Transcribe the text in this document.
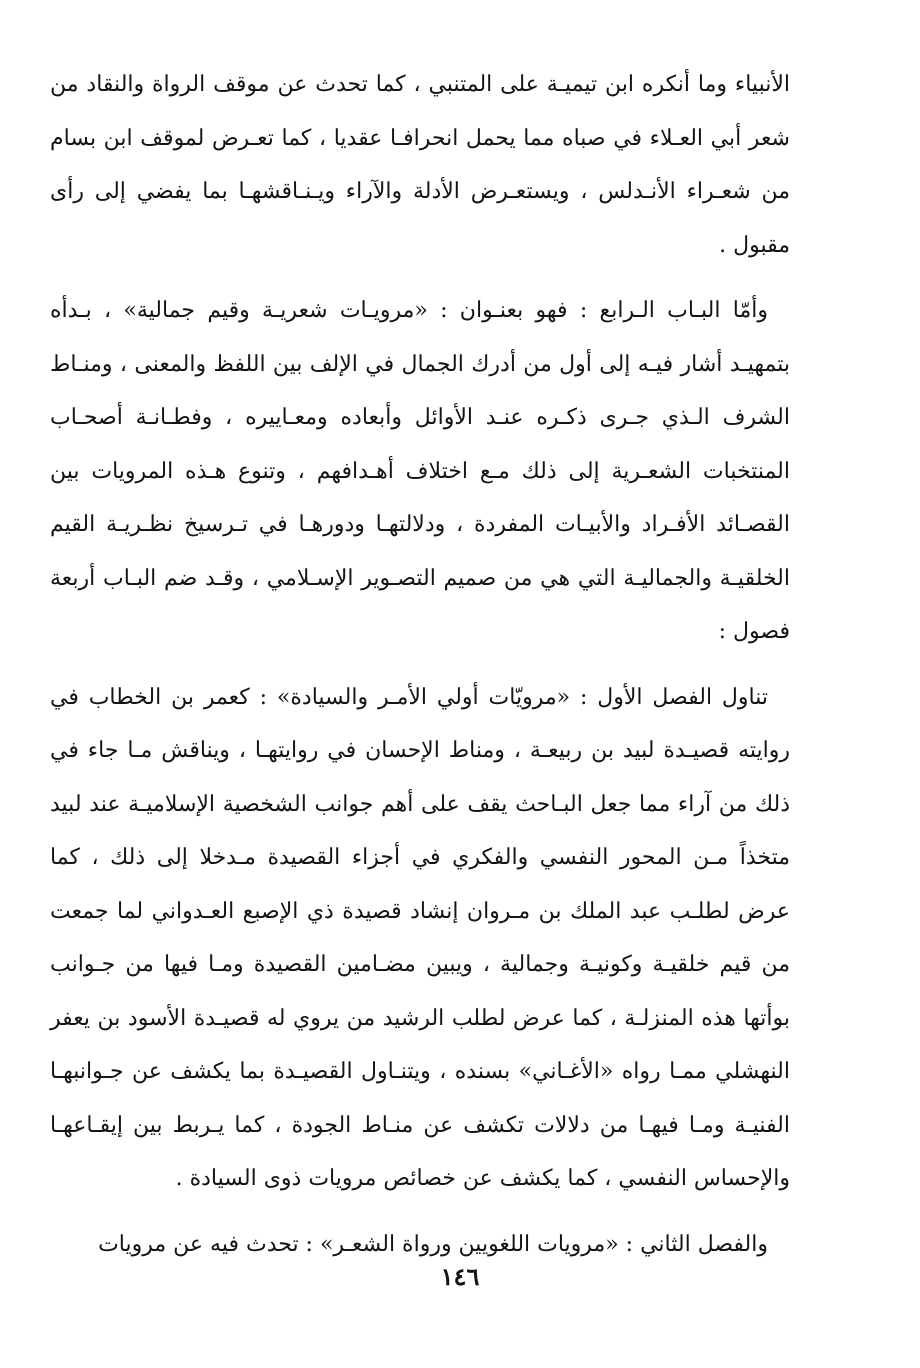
الأنبياء وما أنكره ابن تيميـة على المتنبي ، كما تحدث عن موقف الرواة والنقاد من شعر أبي العـلاء في صباه مما يحمل انحرافـا عقديا ، كما تعـرض لموقف ابن بسام من شعـراء الأنـدلس ، ويستعـرض الأدلة والآراء ويـنـاقشهـا بما يفضي إلى رأى مقبول .

وأمّا البـاب الـرابع : فهو بعنـوان : «مرويـات شعريـة وقيم جمالية» ، بـدأه بتمهيـد أشار فيـه إلى أول من أدرك الجمال في الإلف بين اللفظ والمعنى ، ومنـاط الشرف الـذي جـرى ذكـره عنـد الأوائل وأبعاده ومعـاييره ، وفطـانـة أصحـاب المنتخبات الشعـرية إلى ذلك مـع اختلاف أهـدافهم ، وتنوع هـذه المرويات بين القصـائد الأفـراد والأبيـات المفردة ، ودلالتهـا ودورهـا في تـرسيخ نظـريـة القيم الخلقيـة والجماليـة التي هي من صميم التصـوير الإسـلامي ، وقـد ضم البـاب أربعة فصول :

تناول الفصل الأول : «مرويّات أولي الأمـر والسيادة» : كعمر بن الخطاب في روايته قصيـدة لبيد بن ربيعـة ، ومناط الإحسان في روايتهـا ، ويناقش مـا جاء في ذلك من آراء مما جعل البـاحث يقف على أهم جوانب الشخصية الإسلاميـة عند لبيد متخذاً مـن المحور النفسي والفكري في أجزاء القصيدة مـدخلا إلى ذلك ، كما عرض لطلـب عبد الملك بن مـروان إنشاد قصيدة ذي الإصبع العـدواني لما جمعت من قيم خلقيـة وكونيـة وجمالية ، ويبين مضـامين القصيدة ومـا فيها من جـوانب بوأتها هذه المنزلـة ، كما عرض لطلب الرشيد من يروي له قصيـدة الأسود بن يعفر النهشلي ممـا رواه «الأغـاني» بسنده ، ويتنـاول القصيـدة بما يكشف عن جـوانبهـا الفنيـة ومـا فيهـا من دلالات تكشف عن منـاط الجودة ، كما يـربط بين إيقـاعهـا والإحساس النفسي ، كما يكشف عن خصائص مرويات ذوى السيادة .

والفصل الثاني : «مرويات اللغويين ورواة الشعـر» : تحدث فيه عن مرويات

١٤٦
